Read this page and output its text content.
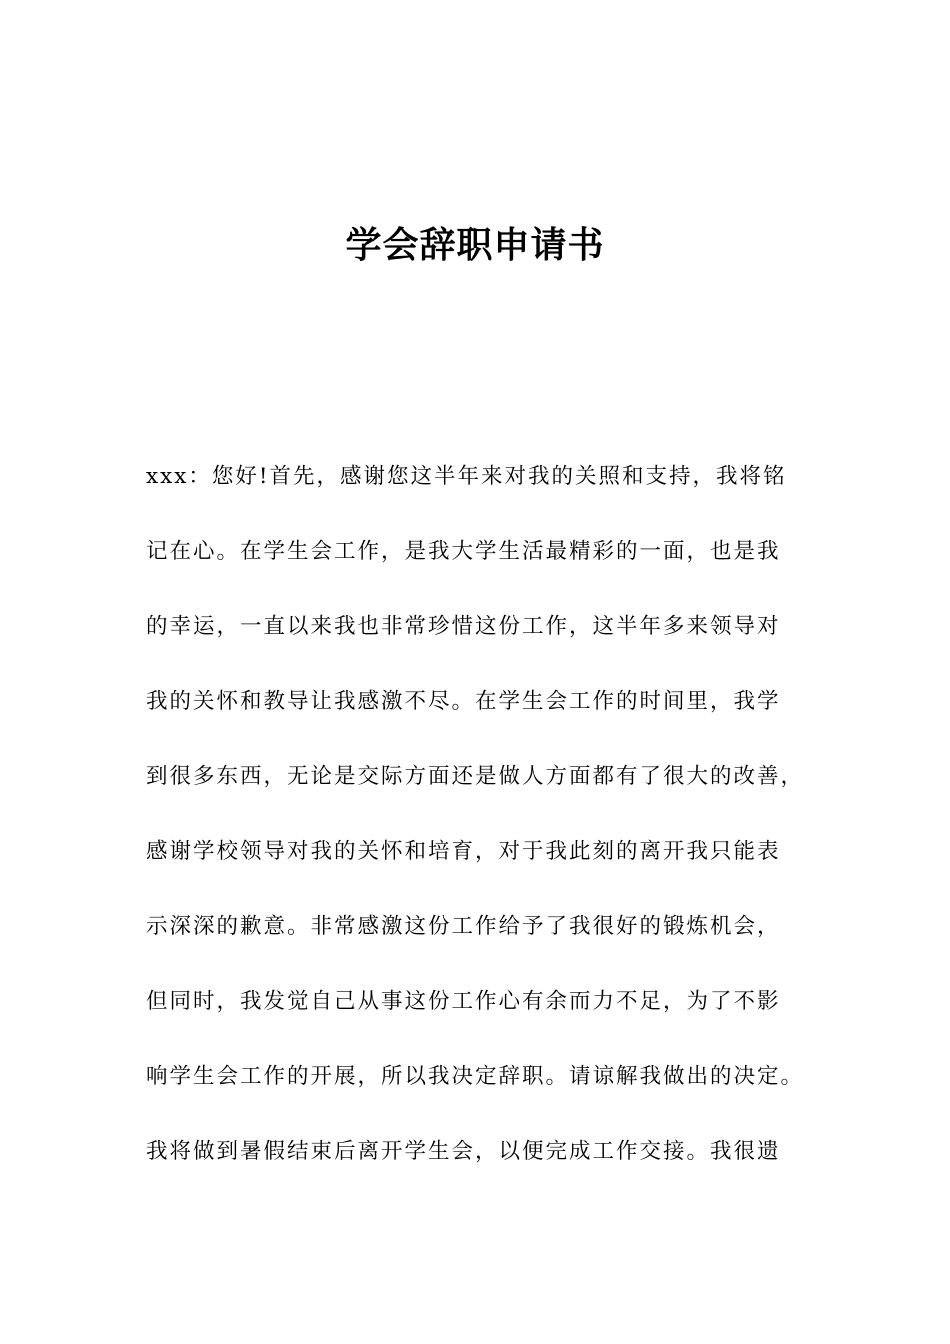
学会辞职申请书
xxx：您好!首先，感谢您这半年来对我的关照和支持，我将铭
记在心。在学生会工作，是我大学生活最精彩的一面，也是我
的幸运，一直以来我也非常珍惜这份工作，这半年多来领导对
我的关怀和教导让我感激不尽。在学生会工作的时间里，我学
到很多东西，无论是交际方面还是做人方面都有了很大的改善，
感谢学校领导对我的关怀和培育，对于我此刻的离开我只能表
示深深的歉意。非常感激这份工作给予了我很好的锻炼机会，
但同时，我发觉自己从事这份工作心有余而力不足，为了不影
响学生会工作的开展，所以我决定辞职。请谅解我做出的决定。
我将做到暑假结束后离开学生会，以便完成工作交接。我很遗
